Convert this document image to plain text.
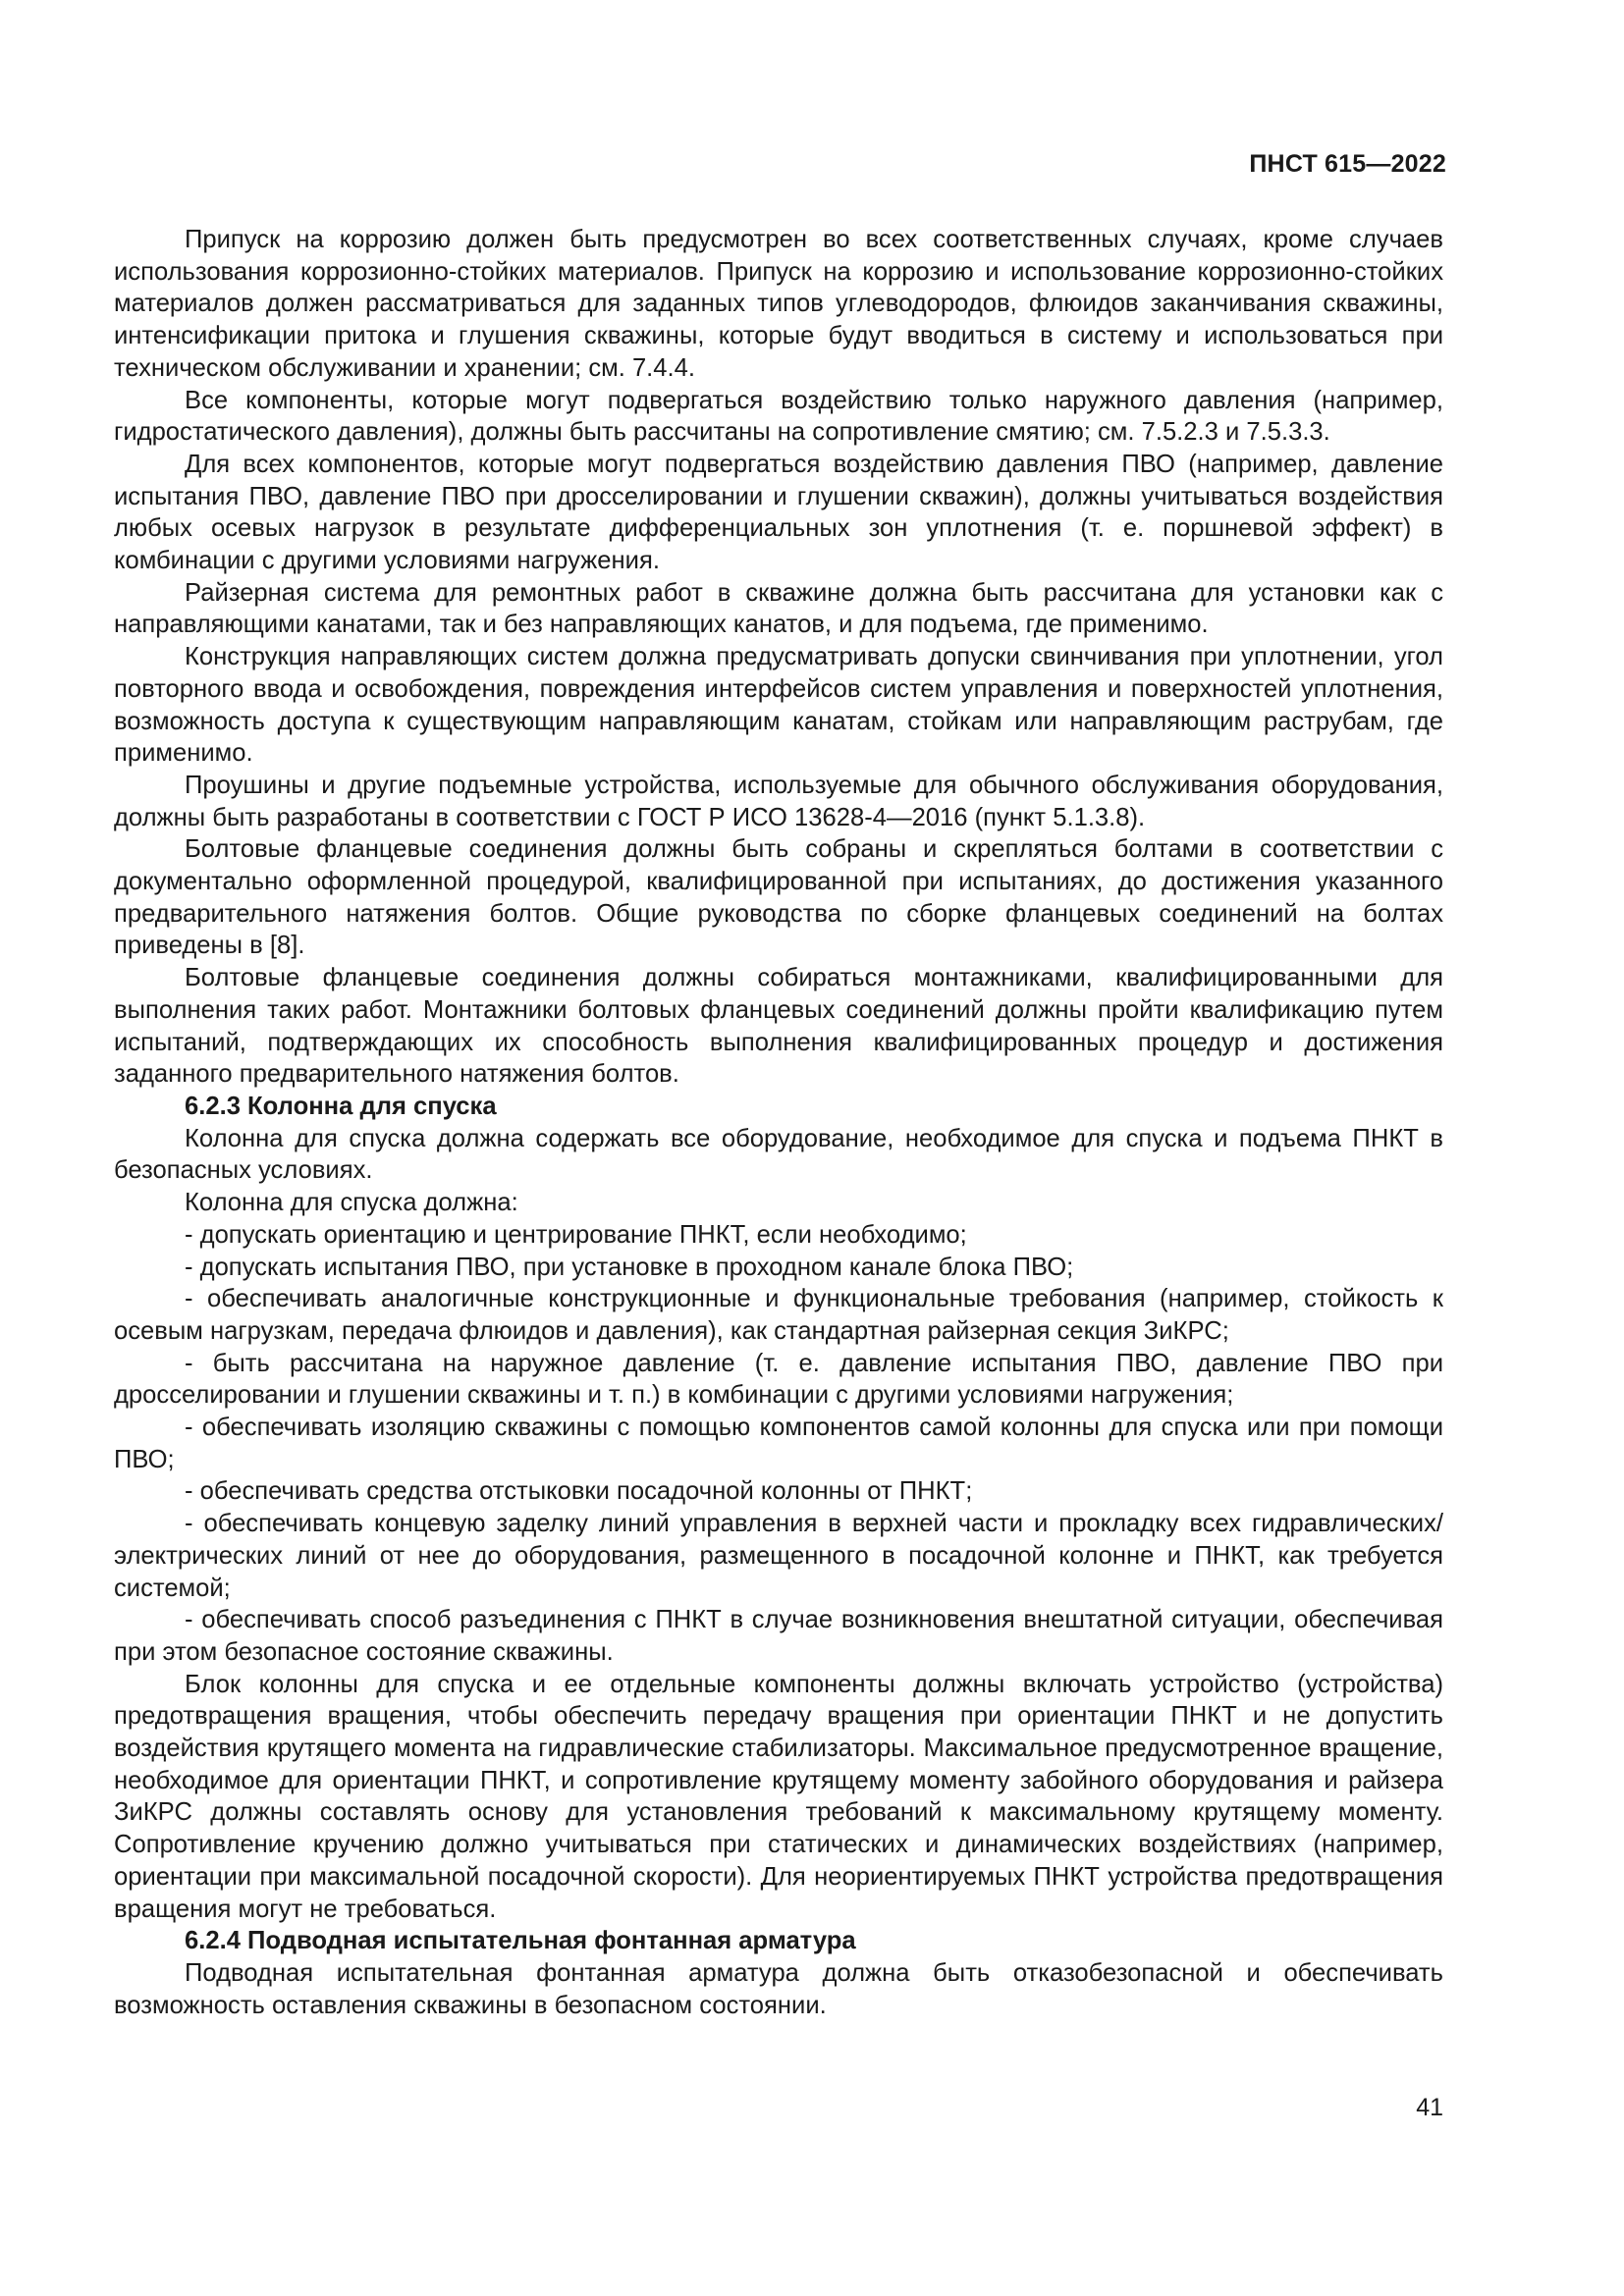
ПНСТ 615—2022

Припуск на коррозию должен быть предусмотрен во всех соответственных случаях, кроме случаев использования коррозионно-стойких материалов. Припуск на коррозию и использование коррозионно-стойких материалов должен рассматриваться для заданных типов углеводородов, флюидов заканчивания скважины, интенсификации притока и глушения скважины, которые будут вводиться в систему и использоваться при техническом обслуживании и хранении; см. 7.4.4.

Все компоненты, которые могут подвергаться воздействию только наружного давления (например, гидростатического давления), должны быть рассчитаны на сопротивление смятию; см. 7.5.2.3 и 7.5.3.3.

Для всех компонентов, которые могут подвергаться воздействию давления ПВО (например, давление испытания ПВО, давление ПВО при дросселировании и глушении скважин), должны учитываться воздействия любых осевых нагрузок в результате дифференциальных зон уплотнения (т. е. поршневой эффект) в комбинации с другими условиями нагружения.

Райзерная система для ремонтных работ в скважине должна быть рассчитана для установки как с направляющими канатами, так и без направляющих канатов, и для подъема, где применимо.

Конструкция направляющих систем должна предусматривать допуски свинчивания при уплотнении, угол повторного ввода и освобождения, повреждения интерфейсов систем управления и поверхностей уплотнения, возможность доступа к существующим направляющим канатам, стойкам или направляющим раструбам, где применимо.

Проушины и другие подъемные устройства, используемые для обычного обслуживания оборудования, должны быть разработаны в соответствии с ГОСТ Р ИСО 13628-4—2016 (пункт 5.1.3.8).

Болтовые фланцевые соединения должны быть собраны и скрепляться болтами в соответствии с документально оформленной процедурой, квалифицированной при испытаниях, до достижения указанного предварительного натяжения болтов. Общие руководства по сборке фланцевых соединений на болтах приведены в [8].

Болтовые фланцевые соединения должны собираться монтажниками, квалифицированными для выполнения таких работ. Монтажники болтовых фланцевых соединений должны пройти квалификацию путем испытаний, подтверждающих их способность выполнения квалифицированных процедур и достижения заданного предварительного натяжения болтов.

6.2.3 Колонна для спуска

Колонна для спуска должна содержать все оборудование, необходимое для спуска и подъема ПНКТ в безопасных условиях.

Колонна для спуска должна:

- допускать ориентацию и центрирование ПНКТ, если необходимо;

- допускать испытания ПВО, при установке в проходном канале блока ПВО;

- обеспечивать аналогичные конструкционные и функциональные требования (например, стойкость к осевым нагрузкам, передача флюидов и давления), как стандартная райзерная секция ЗиКРС;

- быть рассчитана на наружное давление (т. е. давление испытания ПВО, давление ПВО при дросселировании и глушении скважины и т. п.) в комбинации с другими условиями нагружения;

- обеспечивать изоляцию скважины с помощью компонентов самой колонны для спуска или при помощи ПВО;

- обеспечивать средства отстыковки посадочной колонны от ПНКТ;

- обеспечивать концевую заделку линий управления в верхней части и прокладку всех гидравлических/электрических линий от нее до оборудования, размещенного в посадочной колонне и ПНКТ, как требуется системой;

- обеспечивать способ разъединения с ПНКТ в случае возникновения внештатной ситуации, обеспечивая при этом безопасное состояние скважины.

Блок колонны для спуска и ее отдельные компоненты должны включать устройство (устройства) предотвращения вращения, чтобы обеспечить передачу вращения при ориентации ПНКТ и не допустить воздействия крутящего момента на гидравлические стабилизаторы. Максимальное предусмотренное вращение, необходимое для ориентации ПНКТ, и сопротивление крутящему моменту забойного оборудования и райзера ЗиКРС должны составлять основу для установления требований к максимальному крутящему моменту. Сопротивление кручению должно учитываться при статических и динамических воздействиях (например, ориентации при максимальной посадочной скорости). Для неориентируемых ПНКТ устройства предотвращения вращения могут не требоваться.

6.2.4 Подводная испытательная фонтанная арматура

Подводная испытательная фонтанная арматура должна быть отказобезопасной и обеспечивать возможность оставления скважины в безопасном состоянии.

41
